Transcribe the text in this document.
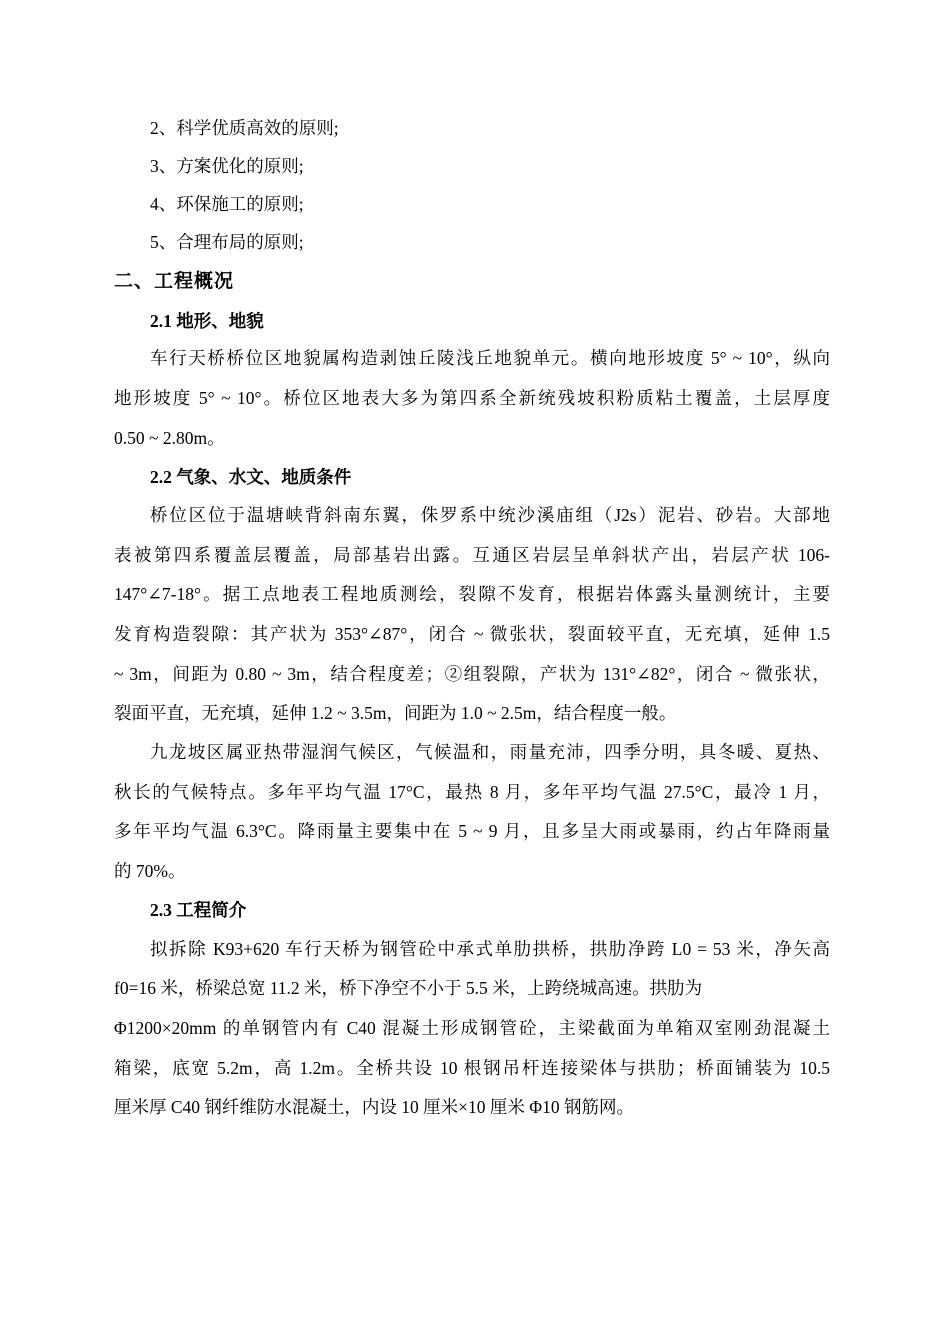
2、科学优质高效的原则;
3、方案优化的原则;
4、环保施工的原则;
5、合理布局的原则;
二、工程概况
2.1 地形、地貌
车行天桥桥位区地貌属构造剥蚀丘陵浅丘地貌单元。横向地形坡度 5° ~ 10°，纵向
地形坡度 5° ~ 10°。桥位区地表大多为第四系全新统残坡积粉质粘土覆盖，土层厚度
0.50 ~ 2.80m。
2.2 气象、水文、地质条件
桥位区位于温塘峡背斜南东翼，侏罗系中统沙溪庙组（J2s）泥岩、砂岩。大部地
表被第四系覆盖层覆盖，局部基岩出露。互通区岩层呈单斜状产出，岩层产状 106-
147°∠7-18°。据工点地表工程地质测绘，裂隙不发育，根据岩体露头量测统计，主要
发育构造裂隙：其产状为 353°∠87°，闭合 ~ 微张状，裂面较平直，无充填，延伸 1.5
~ 3m，间距为 0.80 ~ 3m，结合程度差；②组裂隙，产状为 131°∠82°，闭合 ~ 微张状，
裂面平直，无充填，延伸 1.2 ~ 3.5m，间距为 1.0 ~ 2.5m，结合程度一般。
九龙坡区属亚热带湿润气候区，气候温和，雨量充沛，四季分明，具冬暖、夏热、
秋长的气候特点。多年平均气温 17°C，最热 8 月，多年平均气温 27.5°C，最冷 1 月，
多年平均气温 6.3°C。降雨量主要集中在 5 ~ 9 月，且多呈大雨或暴雨，约占年降雨量
的 70%。
2.3 工程简介
拟拆除 K93+620 车行天桥为钢管砼中承式单肋拱桥，拱肋净跨 L0 = 53 米，净矢高
f0=16 米，桥梁总宽 11.2 米，桥下净空不小于 5.5 米，上跨绕城高速。拱肋为
Φ1200×20mm 的单钢管内有 C40 混凝土形成钢管砼，主梁截面为单箱双室刚劲混凝土
箱梁，底宽 5.2m，高 1.2m。全桥共设 10 根钢吊杆连接梁体与拱肋；桥面铺装为 10.5
厘米厚 C40 钢纤维防水混凝土，内设 10 厘米×10 厘米 Φ10 钢筋网。
